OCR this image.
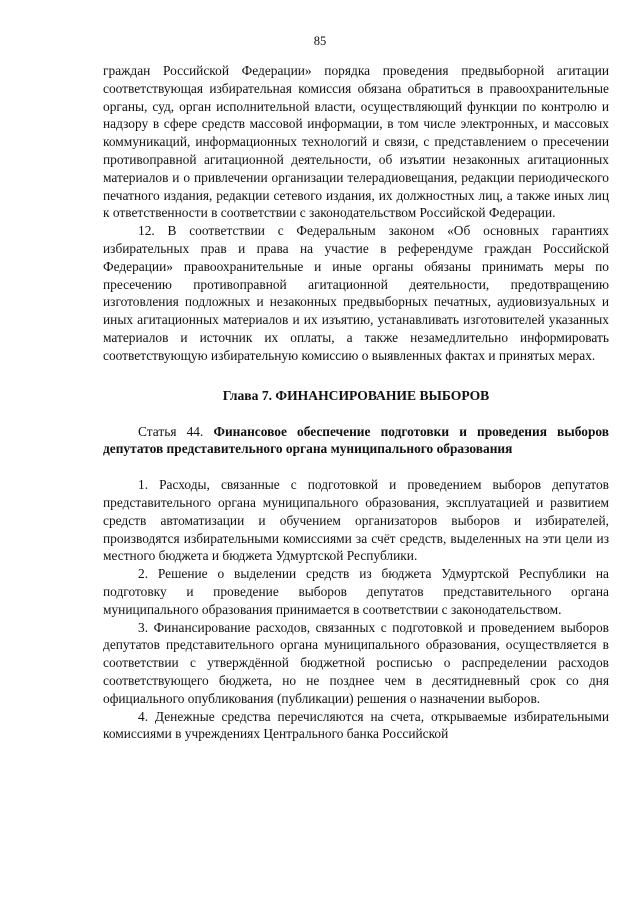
85

граждан Российской Федерации» порядка проведения предвыборной агитации соответствующая избирательная комиссия обязана обратиться в правоохранительные органы, суд, орган исполнительной власти, осуществляющий функции по контролю и надзору в сфере средств массовой информации, в том числе электронных, и массовых коммуникаций, информационных технологий и связи, с представлением о пресечении противоправной агитационной деятельности, об изъятии незаконных агитационных материалов и о привлечении организации телерадиовещания, редакции периодического печатного издания, редакции сетевого издания, их должностных лиц, а также иных лиц к ответственности в соответствии с законодательством Российской Федерации.

12. В соответствии с Федеральным законом «Об основных гарантиях избирательных прав и права на участие в референдуме граждан Российской Федерации» правоохранительные и иные органы обязаны принимать меры по пресечению противоправной агитационной деятельности, предотвращению изготовления подложных и незаконных предвыборных печатных, аудиовизуальных и иных агитационных материалов и их изъятию, устанавливать изготовителей указанных материалов и источник их оплаты, а также незамедлительно информировать соответствующую избирательную комиссию о выявленных фактах и принятых мерах.

Глава 7. ФИНАНСИРОВАНИЕ ВЫБОРОВ

Статья 44. Финансовое обеспечение подготовки и проведения выборов депутатов представительного органа муниципального образования

1. Расходы, связанные с подготовкой и проведением выборов депутатов представительного органа муниципального образования, эксплуатацией и развитием средств автоматизации и обучением организаторов выборов и избирателей, производятся избирательными комиссиями за счёт средств, выделенных на эти цели из местного бюджета и бюджета Удмуртской Республики.

2. Решение о выделении средств из бюджета Удмуртской Республики на подготовку и проведение выборов депутатов представительного органа муниципального образования принимается в соответствии с законодательством.

3. Финансирование расходов, связанных с подготовкой и проведением выборов депутатов представительного органа муниципального образования, осуществляется в соответствии с утверждённой бюджетной росписью о распределении расходов соответствующего бюджета, но не позднее чем в десятидневный срок со дня официального опубликования (публикации) решения о назначении выборов.

4. Денежные средства перечисляются на счета, открываемые избирательными комиссиями в учреждениях Центрального банка Российской
